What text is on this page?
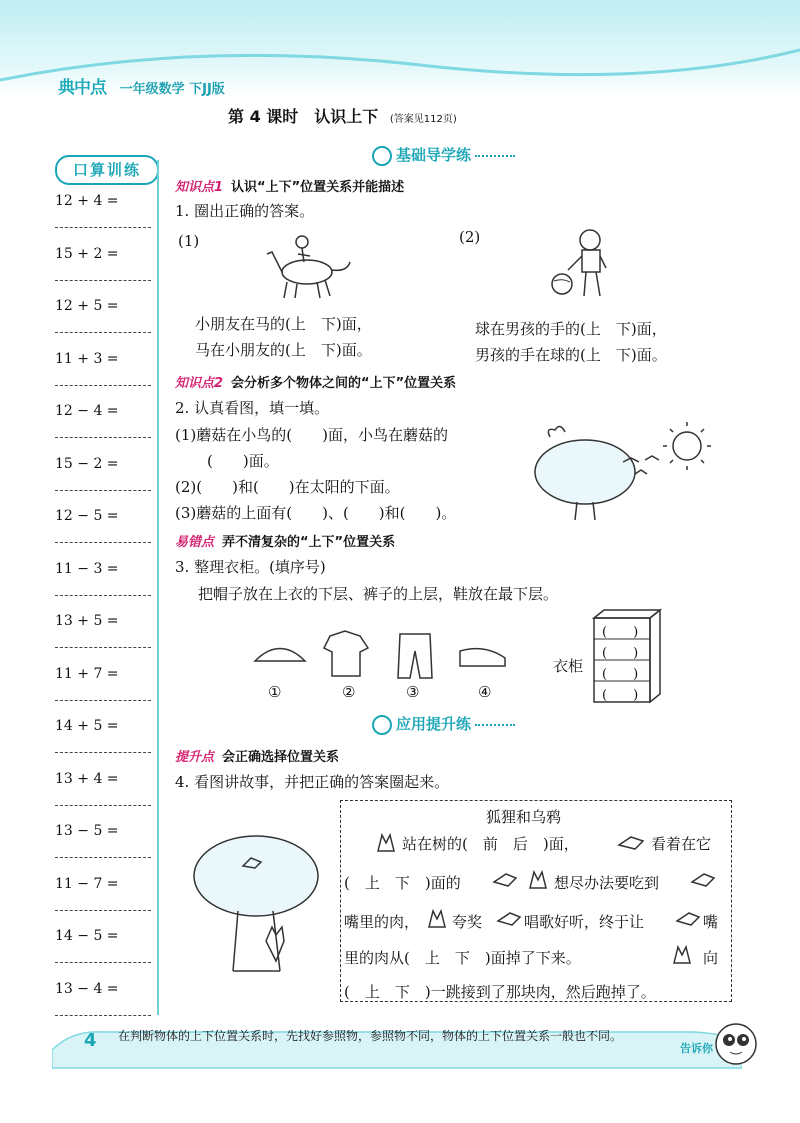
典中点 一年级数学 下JJ版
第 4 课时　认识上下 (答案见112页)
口算训练
12 + 4 =
15 + 2 =
12 + 5 =
11 + 3 =
12 − 4 =
15 − 2 =
12 − 5 =
11 − 3 =
13 + 5 =
11 + 7 =
14 + 5 =
13 + 4 =
13 − 5 =
11 − 7 =
14 − 5 =
13 − 4 =
基础导学练
知识点1 认识“上下”位置关系并能描述
1. 圈出正确的答案。
(1)	(2)
小朋友在马的(上　下)面，
马在小朋友的(上　下)面。
球在男孩的手的(上　下)面，
男孩的手在球的(上　下)面。
知识点2 会分析多个物体之间的“上下”位置关系
2. 认真看图，填一填。
(1)蘑菇在小鸟的(　　)面，小鸟在蘑菇的
(　　)面。
(2)(　　)和(　　)在太阳的下面。
(3)蘑菇的上面有(　　)、(　　)和(　　)。
易错点 弄不清复杂的“上下”位置关系
3. 整理衣柜。(填序号)
把帽子放在上衣的下层、裤子的上层，鞋放在最下层。
①	②	③	④
衣柜
(　　)
(　　)
(　　)
(　　)
应用提升练
提升点 会正确选择位置关系
4. 看图讲故事，并把正确的答案圈起来。
狐狸和乌鸦
站在树的(　前　后　)面，	看着在它
(　上　下　)面的	想尽办法要吃到
嘴里的肉， 夸奖	唱歌好听，终于让	嘴
里的肉从(　上　下　)面掉了下来。	向
(　上　下　)一跳接到了那块肉，然后跑掉了。
4 在判断物体的上下位置关系时，先找好参照物，参照物不同，物体的上下位置关系一般也不同。
告诉你
